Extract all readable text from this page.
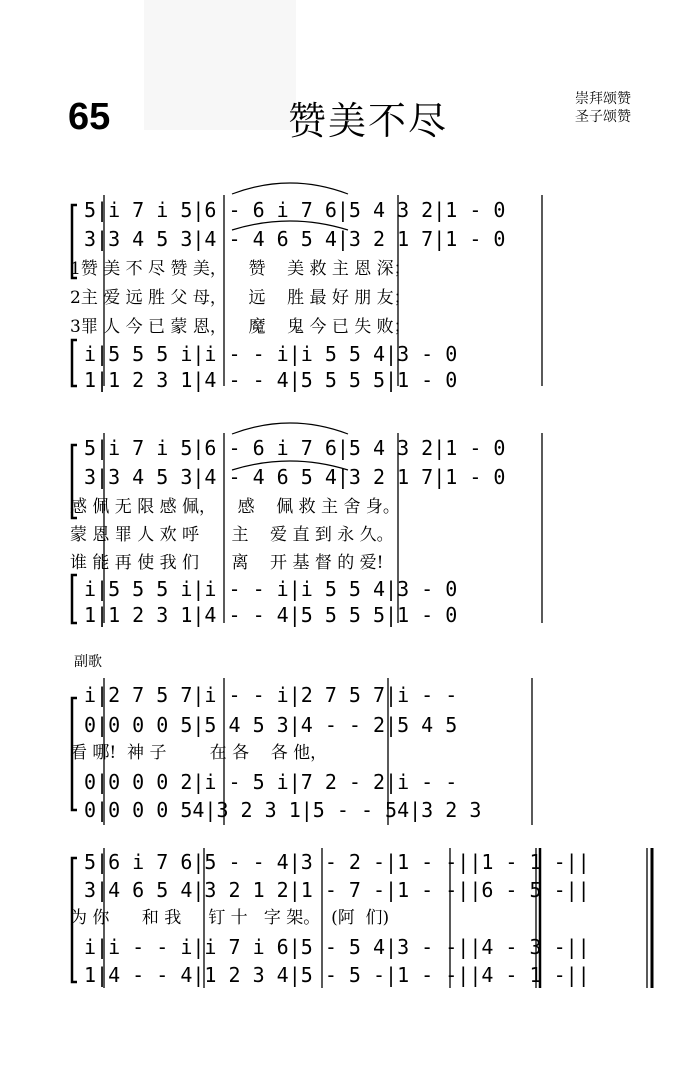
65	赞美不尽	崇拜颂赞
圣子颂赞
5|i 7 i 5|6 - 6 i 7 6|5 4 3 2|1 - 0
3|3 4 5 3|4 - 4 6 5 4|3 2 1 7|1 - 0
1赞 美 不 尽 赞 美，    赞    美 救 主 恩 深；
2主 爱 远 胜 父 母，    远    胜 最 好 朋 友；
3罪 人 今 已 蒙 恩，    魔    鬼 今 已 失 败；
i|5 5 5 i|i - - i|i 5 5 4|3 - 0
1|1 2 3 1|4 - - 4|5 5 5 5|1 - 0
5|i 7 i 5|6 - 6 i 7 6|5 4 3 2|1 - 0
3|3 4 5 3|4 - 4 6 5 4|3 2 1 7|1 - 0
感 佩 无 限 感 佩，    感    佩 救 主 舍 身。
蒙 恩 罪 人 欢 呼      主    爱 直 到 永 久。
谁 能 再 使 我 们      离    开 基 督 的 爱!
i|5 5 5 i|i - - i|i 5 5 4|3 - 0
1|1 2 3 1|4 - - 4|5 5 5 5|1 - 0
副歌
i|2 7 5 7|i - - i|2 7 5 7|i - -
0|0 0 0 5|5 4 5 3|4 - - 2|5 4 5
看 哪!  神 子        在 各    各 他，
0|0 0 0 2|i - 5 i|7 2 - 2|i - -
0|0 0 0 54|3 2 3 1|5 - - 54|3 2 3
5|6 i 7 6|5 - - 4|3 - 2 -|1 - -||1 - 1 -||
3|4 6 5 4|3 2 1 2|1 - 7 -|1 - -||6 - 5 -||
为 你      和 我     钉 十   字 架。  (阿  们)
i|i - - i|i 7 i 6|5 - 5 4|3 - -||4 - 3 -||
1|4 - - 4|1 2 3 4|5 - 5 -|1 - -||4 - 1 -||
